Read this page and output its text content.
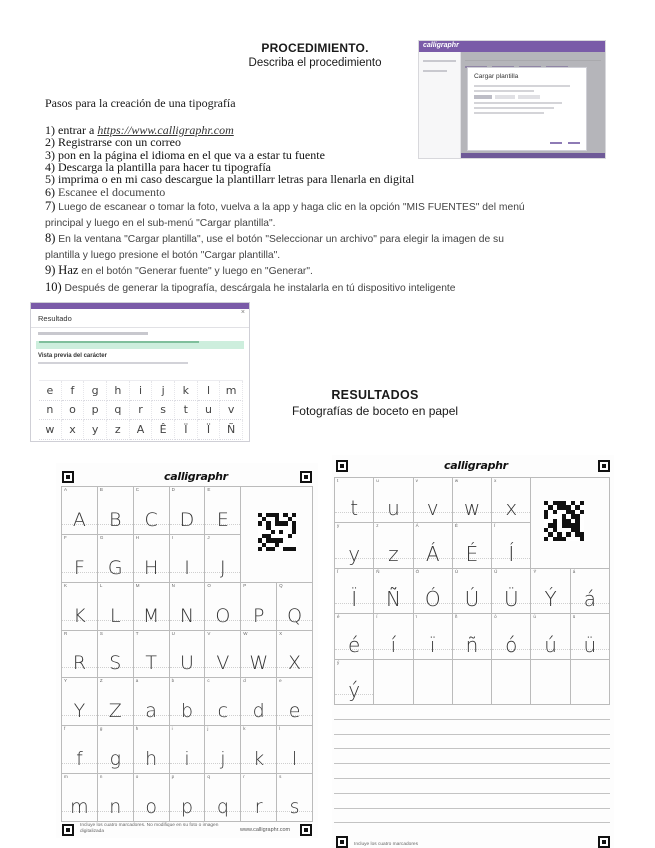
PROCEDIMIENTO.
Describa el procedimiento
calligraphr
Cargar plantilla
Pasos para la creación de una tipografía
1) entrar a https://www.calligraphr.com
2) Registrarse con un correo
3) pon en la página el idioma en el que va a estar tu fuente
4) Descarga la plantilla para hacer tu tipografía
5) imprima o en mi caso descargue la plantillarr letras para llenarla en digital
6) Escanee el documento
7) Luego de escanear o tomar la foto, vuelva a la app y haga clic en la opción "MIS FUENTES" del menú
principal y luego en el sub-menú "Cargar plantilla".
8) En la ventana "Cargar plantilla", use el botón "Seleccionar un archivo" para elegir la imagen de su
plantilla y luego presione el botón "Cargar plantilla".
9) Haz en el botón "Generar fuente" y luego en "Generar".
10) Después de generar la tipografía, descárgala he instalarla en tú dispositivo inteligente
×
Resultado
Vista previa del carácter
e	f	g	h	i	j	k	l	m
n	o	p	q	r	s	t	u	v
w	x	y	z	A	Ê	Ï	Ï	Ñ
RESULTADOS
Fotografías de boceto en papel
calligraphr
A
A
B
B
C
C
D
D
E
E
F
F
G
G
H
H
I
I
J
J
K
K
L
L
M
M
N
N
O
O
P
P
Q
Q
R
R
S
S
T
T
U
U
V
V
W
W
X
X
Y
Y
Z
Z
a
a
b
b
c
c
d
d
e
e
f
f
g
g
h
h
i
i
j
j
k
k
l
l
m
m
n
n
o
o
p
p
q
q
r
r
s
s
Incluye los cuatro marcadores. No modifique en su foto o imagen digitalizada	www.calligraphr.com
calligraphr
t
t
u
u
v
v
w
w
x
x
y
y
z
z
Á
Á
É
É
Í
Í
Ï
Ï
Ñ
Ñ
Ó
Ó
Ú
Ú
Ü
Ü
Ý
Ý
á
á
é
é
í
í
ï
ï
ñ
ñ
ó
ó
ú
ú
ü
ü
ý
ý
Incluye los cuatro marcadores
